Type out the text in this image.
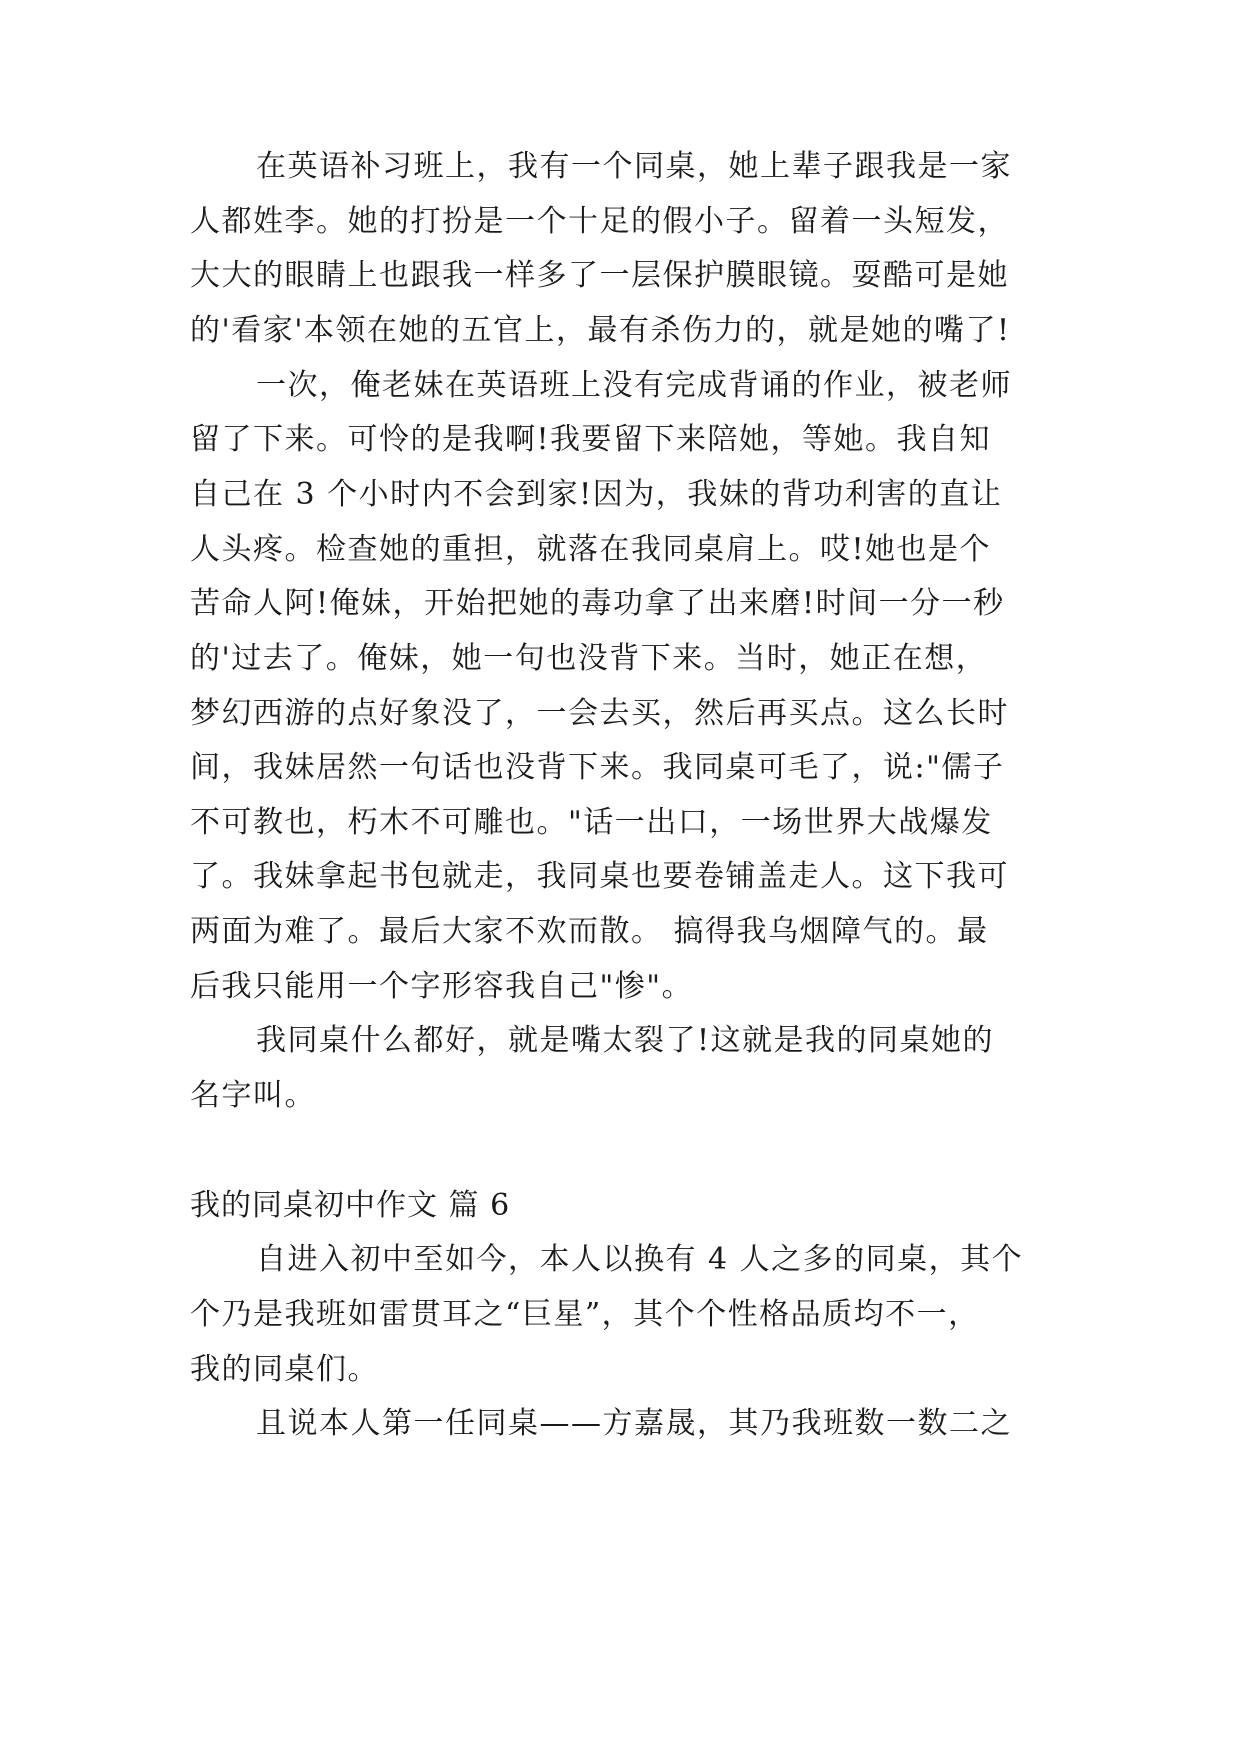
在英语补习班上，我有一个同桌，她上辈子跟我是一家
人都姓李。她的打扮是一个十足的假小子。留着一头短发，
大大的眼睛上也跟我一样多了一层保护膜眼镜。耍酷可是她
的'看家'本领在她的五官上，最有杀伤力的，就是她的嘴了!
一次，俺老妹在英语班上没有完成背诵的作业，被老师
留了下来。可怜的是我啊!我要留下来陪她，等她。我自知
自己在 3 个小时内不会到家!因为，我妹的背功利害的直让
人头疼。检查她的重担，就落在我同桌肩上。哎!她也是个
苦命人阿!俺妹，开始把她的毒功拿了出来磨!时间一分一秒
的'过去了。俺妹，她一句也没背下来。当时，她正在想，
梦幻西游的点好象没了，一会去买，然后再买点。这么长时
间，我妹居然一句话也没背下来。我同桌可毛了，说:"儒子
不可教也，朽木不可雕也。"话一出口，一场世界大战爆发
了。我妹拿起书包就走，我同桌也要卷铺盖走人。这下我可
两面为难了。最后大家不欢而散。 搞得我乌烟障气的。最
后我只能用一个字形容我自己"惨"。
我同桌什么都好，就是嘴太裂了!这就是我的同桌她的
名字叫。
我的同桌初中作文 篇 6
自进入初中至如今，本人以换有 4 人之多的同桌，其个
个乃是我班如雷贯耳之“巨星”，其个个性格品质均不一，
我的同桌们。
且说本人第一任同桌——方嘉晟，其乃我班数一数二之
